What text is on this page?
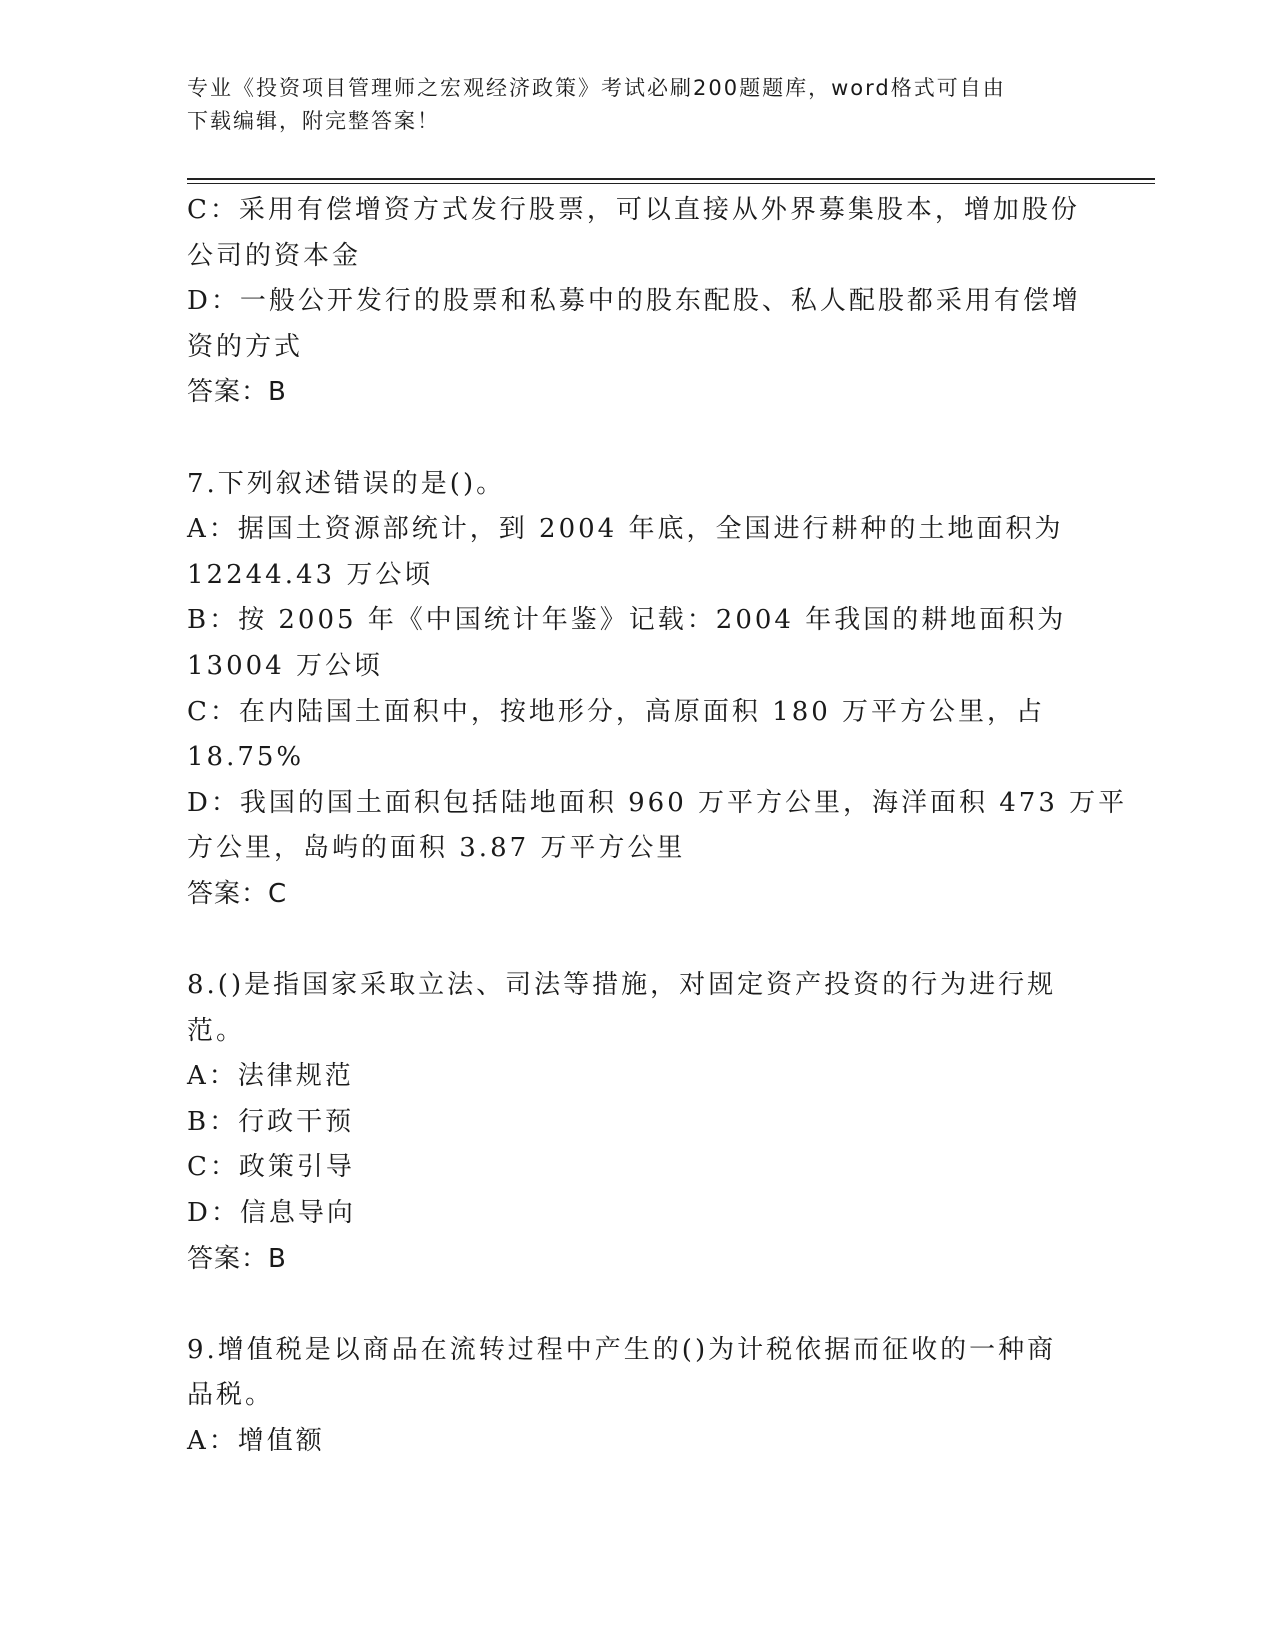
专业《投资项目管理师之宏观经济政策》考试必刷200题题库，word格式可自由
下载编辑，附完整答案！
C：采用有偿增资方式发行股票，可以直接从外界募集股本，增加股份
公司的资本金
D：一般公开发行的股票和私募中的股东配股、私人配股都采用有偿增
资的方式
答案：B
7.下列叙述错误的是()。
A：据国土资源部统计，到 2004 年底，全国进行耕种的土地面积为
12244.43 万公顷
B：按 2005 年《中国统计年鉴》记载：2004 年我国的耕地面积为
13004 万公顷
C：在内陆国土面积中，按地形分，高原面积 180 万平方公里，占
18.75%
D：我国的国土面积包括陆地面积 960 万平方公里，海洋面积 473 万平
方公里，岛屿的面积 3.87 万平方公里
答案：C
8.()是指国家采取立法、司法等措施，对固定资产投资的行为进行规
范。
A：法律规范
B：行政干预
C：政策引导
D：信息导向
答案：B
9.增值税是以商品在流转过程中产生的()为计税依据而征收的一种商
品税。
A：增值额
